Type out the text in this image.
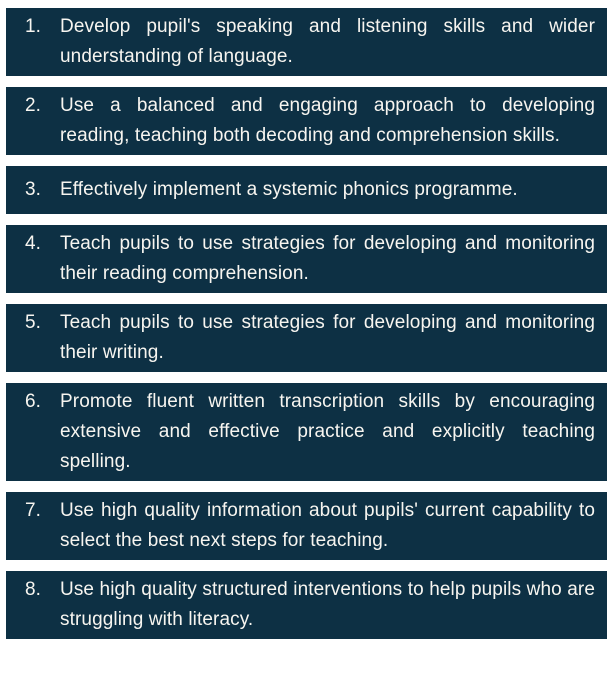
1. Develop pupil's speaking and listening skills and wider understanding of language.
2. Use a balanced and engaging approach to developing reading, teaching both decoding and comprehension skills.
3. Effectively implement a systemic phonics programme.
4. Teach pupils to use strategies for developing and monitoring their reading comprehension.
5. Teach pupils to use strategies for developing and monitoring their writing.
6. Promote fluent written transcription skills by encouraging extensive and effective practice and explicitly teaching spelling.
7. Use high quality information about pupils' current capability to select the best next steps for teaching.
8. Use high quality structured interventions to help pupils who are struggling with literacy.
